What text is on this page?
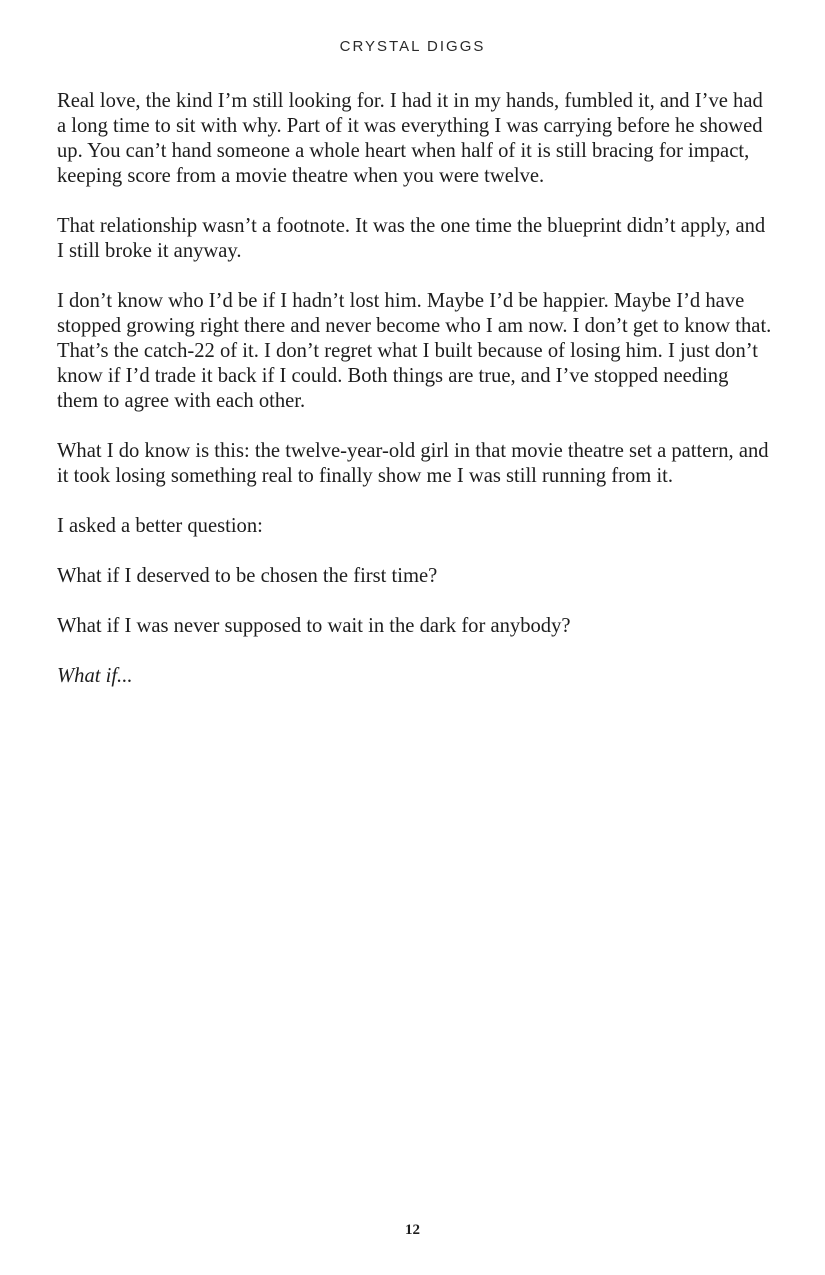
CRYSTAL DIGGS

Real love, the kind I’m still looking for. I had it in my hands, fumbled it, and I’ve had a long time to sit with why. Part of it was everything I was carrying before he showed up. You can’t hand someone a whole heart when half of it is still bracing for impact, keeping score from a movie theatre when you were twelve.

That relationship wasn’t a footnote. It was the one time the blueprint didn’t apply, and I still broke it anyway.

I don’t know who I’d be if I hadn’t lost him. Maybe I’d be happier. Maybe I’d have stopped growing right there and never become who I am now. I don’t get to know that. That’s the catch-22 of it. I don’t regret what I built because of losing him. I just don’t know if I’d trade it back if I could. Both things are true, and I’ve stopped needing them to agree with each other.

What I do know is this: the twelve-year-old girl in that movie theatre set a pattern, and it took losing something real to finally show me I was still running from it.

I asked a better question:

What if I deserved to be chosen the first time?

What if I was never supposed to wait in the dark for anybody?

What if...

12
